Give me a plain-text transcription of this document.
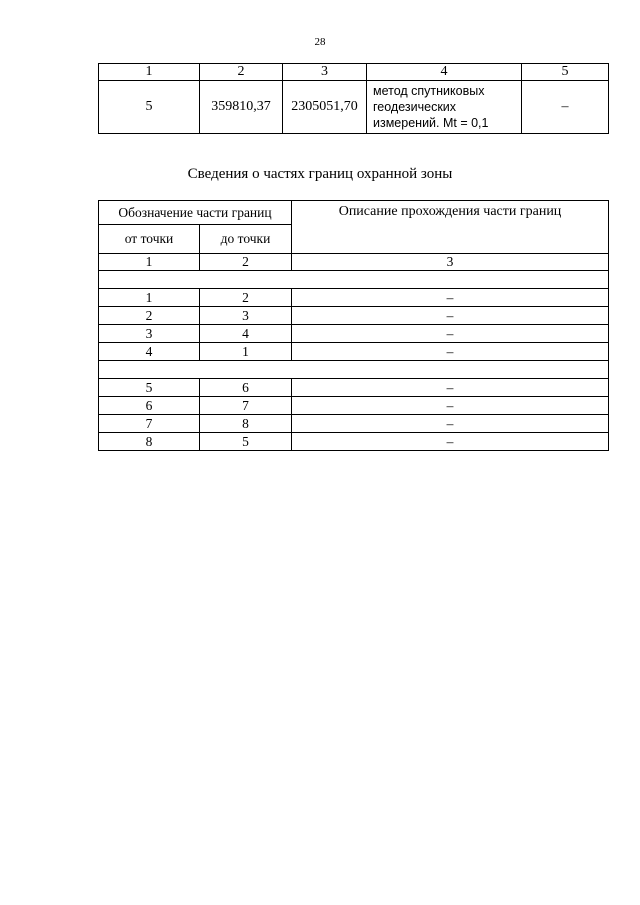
28
1	2	3	4	5
5	359810,37	2305051,70	метод спутниковых
геодезических
измерений. Mt = 0,1	–
Сведения о частях границ охранной зоны
Обозначение части границ		Описание прохождения части границ
от точки	до точки	
1	2	3

1	2	–
2	3	–
3	4	–
4	1	–

5	6	–
6	7	–
7	8	–
8	5	–
